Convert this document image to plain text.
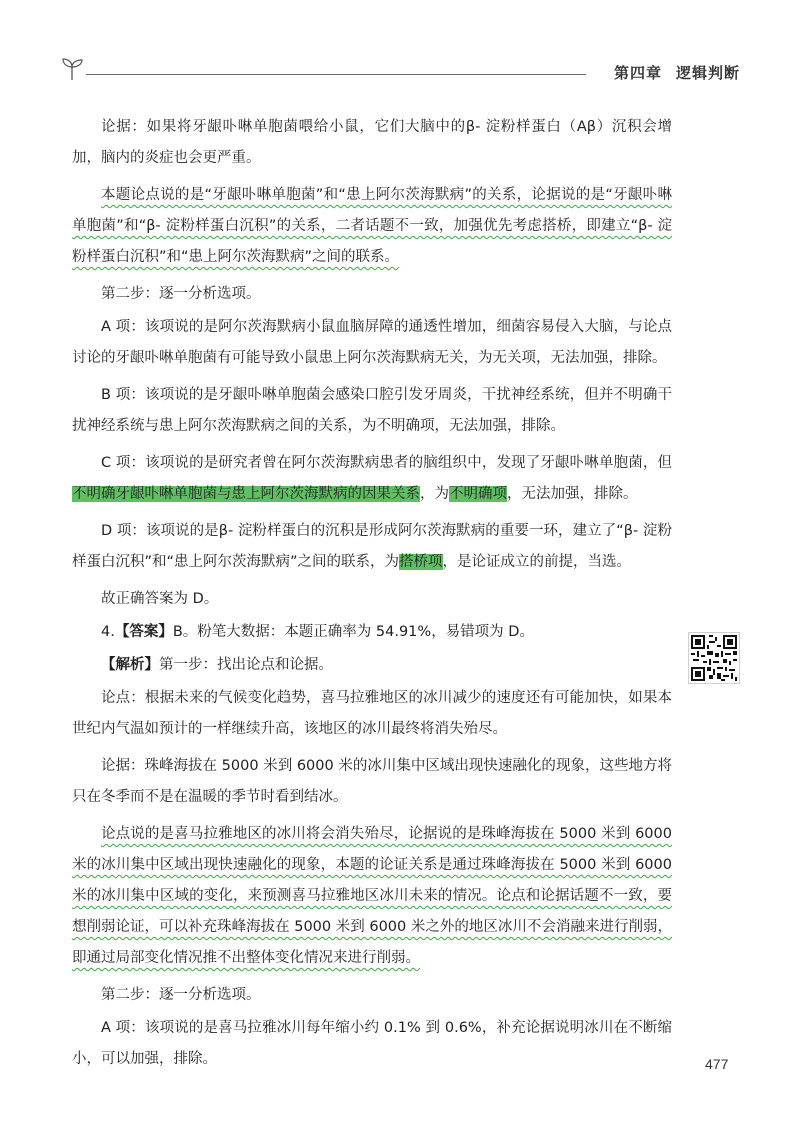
第四章 逻辑判断

论据：如果将牙龈卟啉单胞菌喂给小鼠，它们大脑中的β- 淀粉样蛋白（Aβ）沉积会增加，脑内的炎症也会更严重。

本题论点说的是“牙龈卟啉单胞菌”和“患上阿尔茨海默病”的关系，论据说的是“牙龈卟啉单胞菌”和“β- 淀粉样蛋白沉积”的关系，二者话题不一致，加强优先考虑搭桥，即建立“β- 淀粉样蛋白沉积”和“患上阿尔茨海默病”之间的联系。

第二步：逐一分析选项。

A 项：该项说的是阿尔茨海默病小鼠血脑屏障的通透性增加，细菌容易侵入大脑，与论点讨论的牙龈卟啉单胞菌有可能导致小鼠患上阿尔茨海默病无关，为无关项，无法加强，排除。

B 项：该项说的是牙龈卟啉单胞菌会感染口腔引发牙周炎，干扰神经系统，但并不明确干扰神经系统与患上阿尔茨海默病之间的关系，为不明确项，无法加强，排除。

C 项：该项说的是研究者曾在阿尔茨海默病患者的脑组织中，发现了牙龈卟啉单胞菌，但不明确牙龈卟啉单胞菌与患上阿尔茨海默病的因果关系，为不明确项，无法加强，排除。

D 项：该项说的是β- 淀粉样蛋白的沉积是形成阿尔茨海默病的重要一环，建立了“β- 淀粉样蛋白沉积”和“患上阿尔茨海默病”之间的联系，为搭桥项，是论证成立的前提，当选。

故正确答案为 D。

4.【答案】B。粉笔大数据：本题正确率为 54.91%，易错项为 D。

【解析】第一步：找出论点和论据。

论点：根据未来的气候变化趋势，喜马拉雅地区的冰川减少的速度还有可能加快，如果本世纪内气温如预计的一样继续升高，该地区的冰川最终将消失殆尽。

论据：珠峰海拔在 5000 米到 6000 米的冰川集中区域出现快速融化的现象，这些地方将只在冬季而不是在温暖的季节时看到结冰。

论点说的是喜马拉雅地区的冰川将会消失殆尽，论据说的是珠峰海拔在 5000 米到 6000 米的冰川集中区域出现快速融化的现象，本题的论证关系是通过珠峰海拔在 5000 米到 6000 米的冰川集中区域的变化，来预测喜马拉雅地区冰川未来的情况。论点和论据话题不一致，要想削弱论证，可以补充珠峰海拔在 5000 米到 6000 米之外的地区冰川不会消融来进行削弱，即通过局部变化情况推不出整体变化情况来进行削弱。

第二步：逐一分析选项。

A 项：该项说的是喜马拉雅冰川每年缩小约 0.1% 到 0.6%，补充论据说明冰川在不断缩小，可以加强，排除。	477
